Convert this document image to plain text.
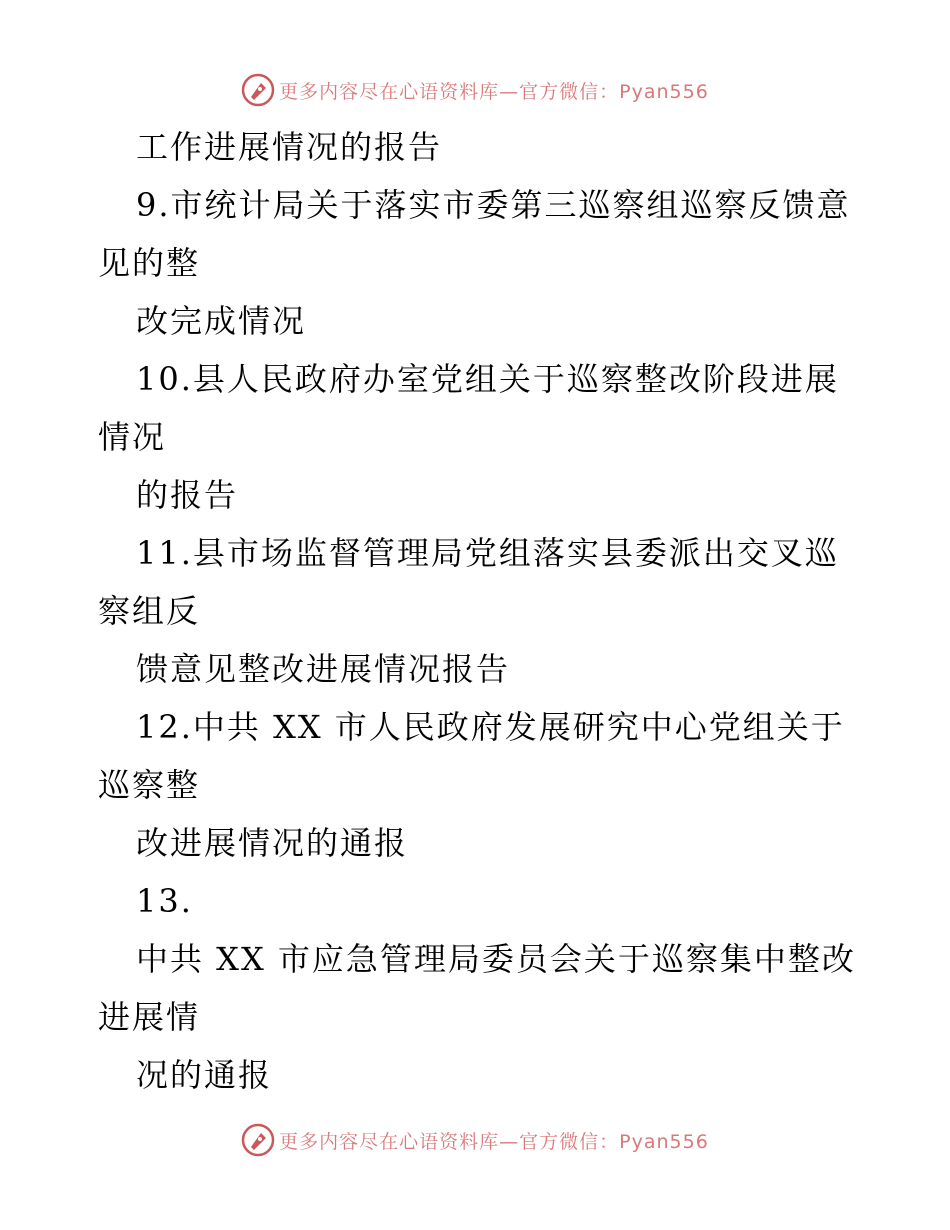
更多内容尽在心语资料库—官方微信：Pyan556
工作进展情况的报告
9.市统计局关于落实市委第三巡察组巡察反馈意
见的整
改完成情况
10.县人民政府办室党组关于巡察整改阶段进展
情况
的报告
11.县市场监督管理局党组落实县委派出交叉巡
察组反
馈意见整改进展情况报告
12.中共 XX 市人民政府发展研究中心党组关于
巡察整
改进展情况的通报
13.
中共 XX 市应急管理局委员会关于巡察集中整改
进展情
况的通报
更多内容尽在心语资料库—官方微信：Pyan556
